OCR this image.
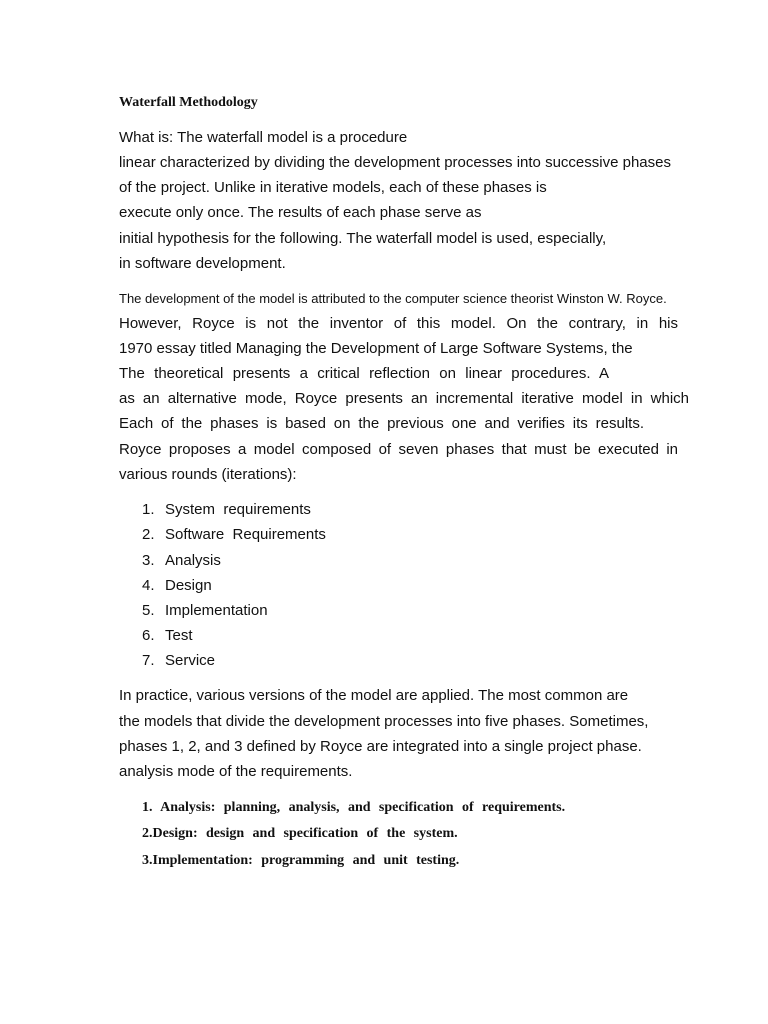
Waterfall Methodology
What is: The waterfall model is a procedure
linear characterized by dividing the development processes into successive phases
of the project. Unlike in iterative models, each of these phases is
execute only once. The results of each phase serve as
initial hypothesis for the following. The waterfall model is used, especially,
in software development.
The development of the model is attributed to the computer science theorist Winston W. Royce.
However, Royce is not the inventor of this model. On the contrary, in his
1970 essay titled Managing the Development of Large Software Systems, the
The theoretical presents a critical reflection on linear procedures. A
as an alternative mode, Royce presents an incremental iterative model in which
Each of the phases is based on the previous one and verifies its results.
Royce proposes a model composed of seven phases that must be executed in
various rounds (iterations):
1. System  requirements
2. Software  Requirements
3. Analysis
4. Design
5. Implementation
6. Test
7. Service
In practice, various versions of the model are applied. The most common are
the models that divide the development processes into five phases. Sometimes,
phases 1, 2, and 3 defined by Royce are integrated into a single project phase.
analysis mode of the requirements.
1. Analysis: planning, analysis, and specification of requirements.
2.Design: design and specification of the system.
3.Implementation: programming and unit testing.
